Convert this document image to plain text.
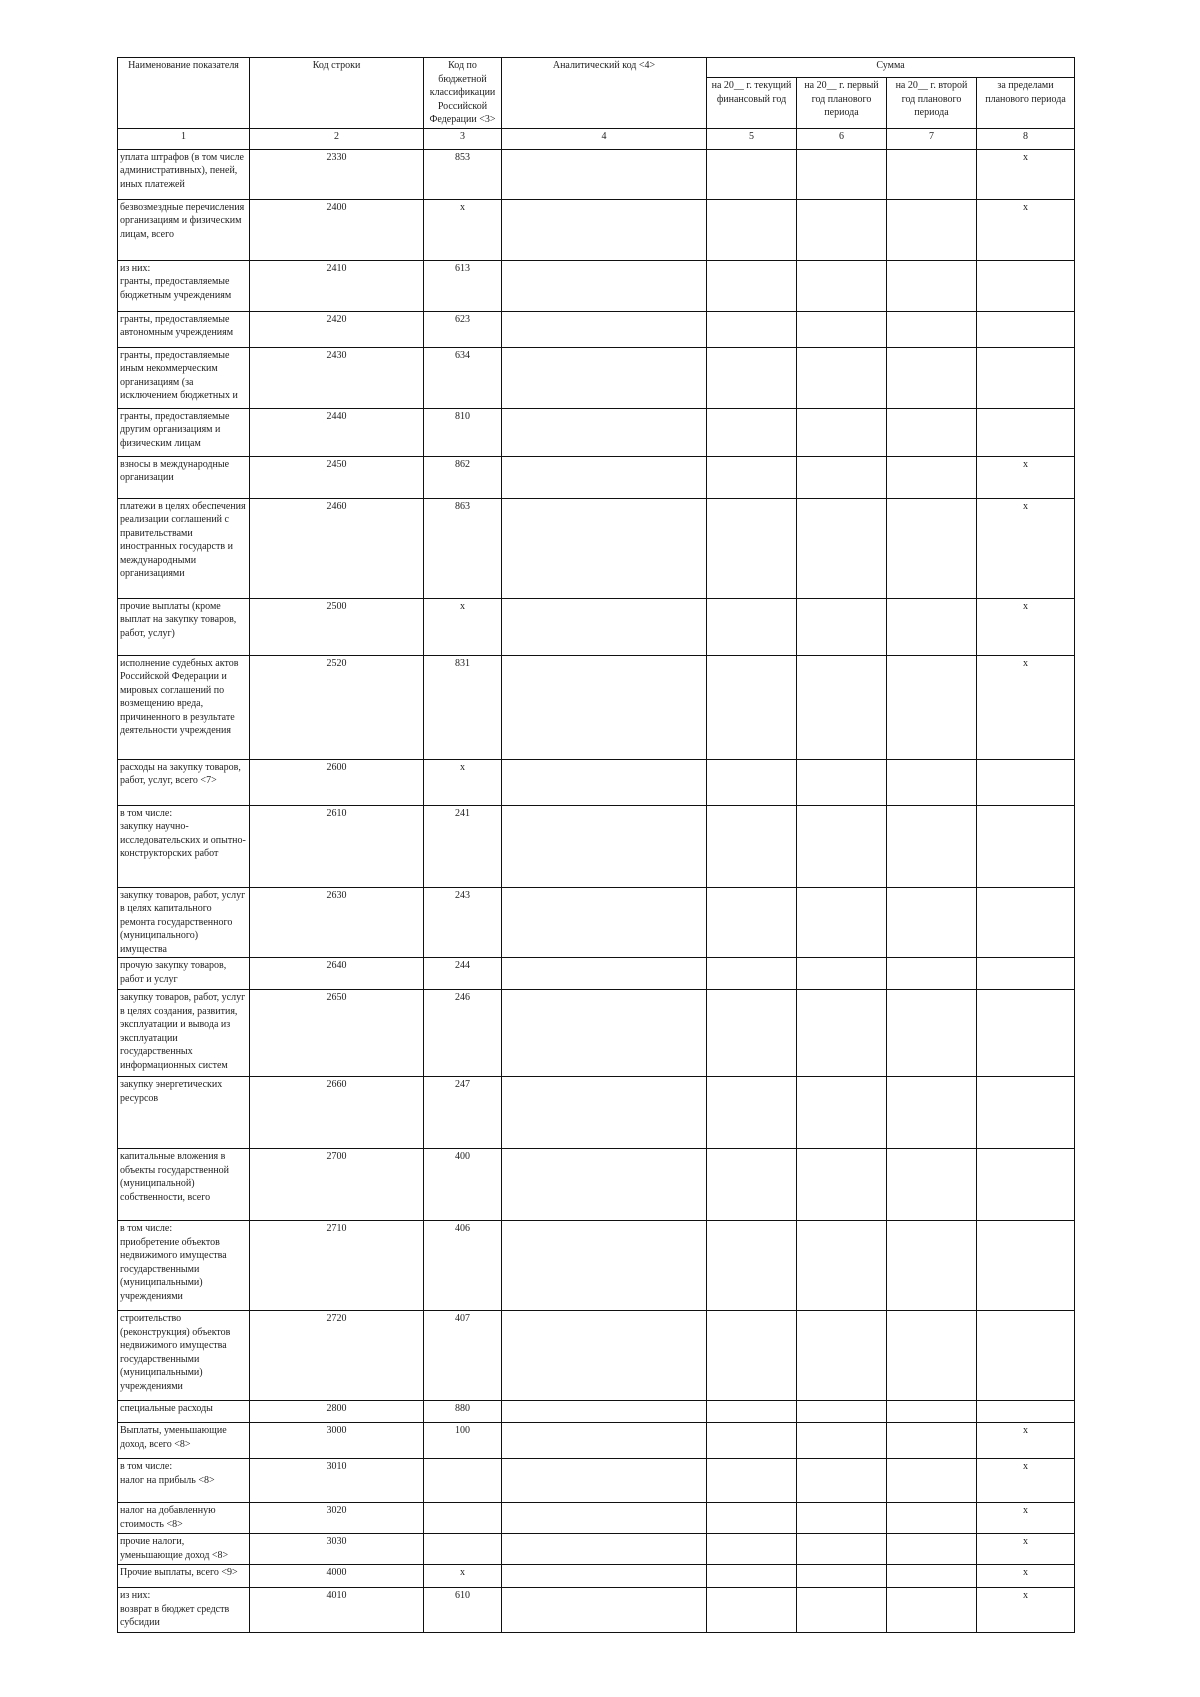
Наименование показателя	Код строки	Код по бюджетной классификации Российской Федерации <3>	Аналитический код <4>	Сумма			
				на 20__ г. текущий финансовый год	на 20__ г. первый год планового периода	на 20__ г. второй год планового периода	за пределами планового периода
1	2	3	4	5	6	7	8

уплата штрафов (в том числе административных), пеней, иных платежей	2330	853					x

безвозмездные перечисления организациям и физическим лицам, всего	2400	x					x

из них:
гранты, предоставляемые бюджетным учреждениям	2410	613					

гранты, предоставляемые автономным учреждениям	2420	623					

гранты, предоставляемые иным некоммерческим организациям (за исключением бюджетных и	2430	634					

гранты, предоставляемые другим организациям и физическим лицам	2440	810					

взносы в международные организации	2450	862					x

платежи в целях обеспечения реализации соглашений с правительствами иностранных государств и международными организациями	2460	863					x

прочие выплаты (кроме выплат на закупку товаров, работ, услуг)	2500	x					x

исполнение судебных актов Российской Федерации и мировых соглашений по возмещению вреда, причиненного в результате деятельности учреждения	2520	831					x

расходы на закупку товаров, работ, услуг, всего <7>	2600	x					

в том числе:
закупку научно-исследовательских и опытно-конструкторских работ	2610	241					

закупку товаров, работ, услуг в целях капитального ремонта государственного (муниципального) имущества	2630	243					

прочую закупку товаров, работ и услуг	2640	244					

закупку товаров, работ, услуг в целях создания, развития, эксплуатации и вывода из эксплуатации государственных информационных систем	2650	246					

закупку энергетических ресурсов	2660	247					

капитальные вложения в объекты государственной (муниципальной) собственности, всего	2700	400					

в том числе:
приобретение объектов недвижимого имущества государственными (муниципальными) учреждениями	2710	406					

строительство (реконструкция) объектов недвижимого имущества государственными (муниципальными) учреждениями	2720	407					

специальные расходы	2800	880					

Выплаты, уменьшающие доход, всего <8>	3000	100					x

в том числе:
налог на прибыль <8>	3010						x

налог на добавленную стоимость <8>	3020						x

прочие налоги, уменьшающие доход <8>	3030						x

Прочие выплаты, всего <9>	4000	x					x

из них:
возврат в бюджет средств субсидии	4010	610					x
